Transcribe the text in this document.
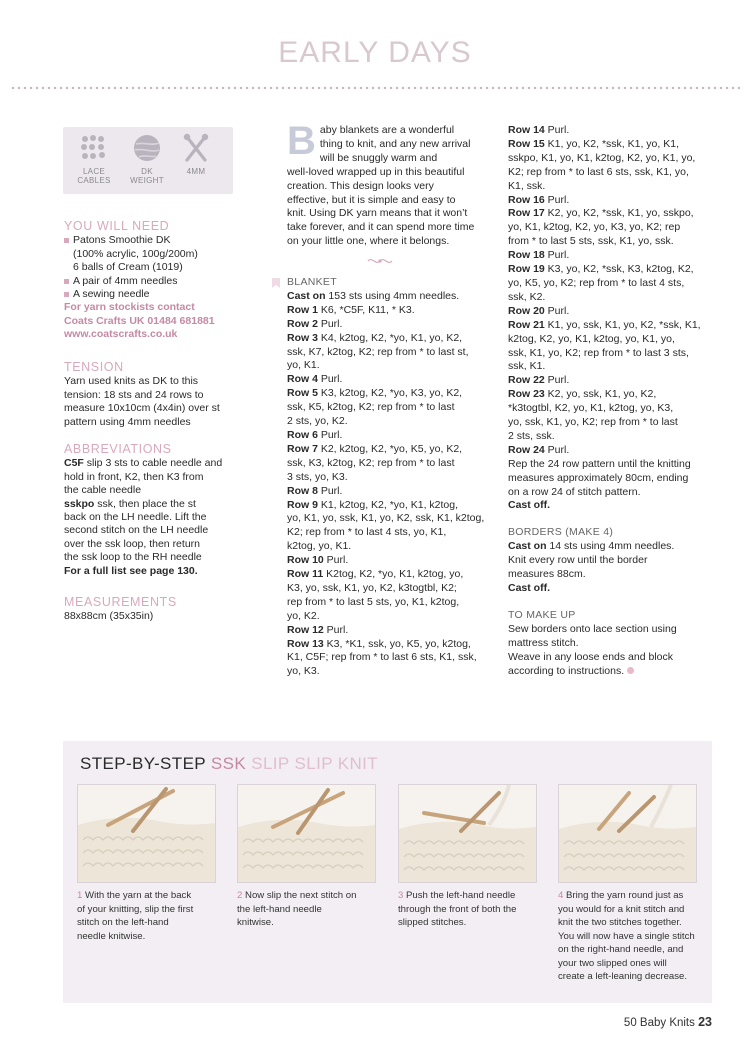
EARLY DAYS
LACE
CABLES
DK
WEIGHT
4MM
YOU WILL NEED
Patons Smoothie DK
(100% acrylic, 100g/200m)
6 balls of Cream (1019)
A pair of 4mm needles
A sewing needle
For yarn stockists contact
Coats Crafts UK 01484 681881
www.coatscrafts.co.uk
TENSION
Yarn used knits as DK to this
tension: 18 sts and 24 rows to
measure 10x10cm (4x4in) over st
pattern using 4mm needles
ABBREVIATIONS
C5F slip 3 sts to cable needle and
hold in front, K2, then K3 from
the cable needle
sskpo ssk, then place the st
back on the LH needle. Lift the
second stitch on the LH needle
over the ssk loop, then return
the ssk loop to the RH needle
For a full list see page 130.
MEASUREMENTS
88x88cm (35x35in)
B aby blankets are a wonderful
thing to knit, and any new arrival
will be snuggly warm and
well-loved wrapped up in this beautiful
creation. This design looks very
effective, but it is simple and easy to
knit. Using DK yarn means that it won’t
take forever, and it can spend more time
on your little one, where it belongs.
BLANKET
Cast on 153 sts using 4mm needles.
Row 1 K6, *C5F, K11, * K3.
Row 2 Purl.
Row 3 K4, k2tog, K2, *yo, K1, yo, K2,
ssk, K7, k2tog, K2; rep from * to last st,
yo, K1.
Row 4 Purl.
Row 5 K3, k2tog, K2, *yo, K3, yo, K2,
ssk, K5, k2tog, K2; rep from * to last
2 sts, yo, K2.
Row 6 Purl.
Row 7 K2, k2tog, K2, *yo, K5, yo, K2,
ssk, K3, k2tog, K2; rep from * to last
3 sts, yo, K3.
Row 8 Purl.
Row 9 K1, k2tog, K2, *yo, K1, k2tog,
yo, K1, yo, ssk, K1, yo, K2, ssk, K1, k2tog,
K2; rep from * to last 4 sts, yo, K1,
k2tog, yo, K1.
Row 10 Purl.
Row 11 K2tog, K2, *yo, K1, k2tog, yo,
K3, yo, ssk, K1, yo, K2, k3togtbl, K2;
rep from * to last 5 sts, yo, K1, k2tog,
yo, K2.
Row 12 Purl.
Row 13 K3, *K1, ssk, yo, K5, yo, k2tog,
K1, C5F; rep from * to last 6 sts, K1, ssk,
yo, K3.
Row 14 Purl.
Row 15 K1, yo, K2, *ssk, K1, yo, K1,
sskpo, K1, yo, K1, k2tog, K2, yo, K1, yo,
K2; rep from * to last 6 sts, ssk, K1, yo,
K1, ssk.
Row 16 Purl.
Row 17 K2, yo, K2, *ssk, K1, yo, sskpo,
yo, K1, k2tog, K2, yo, K3, yo, K2; rep
from * to last 5 sts, ssk, K1, yo, ssk.
Row 18 Purl.
Row 19 K3, yo, K2, *ssk, K3, k2tog, K2,
yo, K5, yo, K2; rep from * to last 4 sts,
ssk, K2.
Row 20 Purl.
Row 21 K1, yo, ssk, K1, yo, K2, *ssk, K1,
k2tog, K2, yo, K1, k2tog, yo, K1, yo,
ssk, K1, yo, K2; rep from * to last 3 sts,
ssk, K1.
Row 22 Purl.
Row 23 K2, yo, ssk, K1, yo, K2,
*k3togtbl, K2, yo, K1, k2tog, yo, K3,
yo, ssk, K1, yo, K2; rep from * to last
2 sts, ssk.
Row 24 Purl.
Rep the 24 row pattern until the knitting
measures approximately 80cm, ending
on a row 24 of stitch pattern.
Cast off.
BORDERS (MAKE 4)
Cast on 14 sts using 4mm needles.
Knit every row until the border
measures 88cm.
Cast off.
TO MAKE UP
Sew borders onto lace section using
mattress stitch.
Weave in any loose ends and block
according to instructions.
STEP-BY-STEP SSK SLIP SLIP KNIT
1 With the yarn at the back
of your knitting, slip the first
stitch on the left-hand
needle knitwise.
2 Now slip the next stitch on
the left-hand needle
knitwise.
3 Push the left-hand needle
through the front of both the
slipped stitches.
4 Bring the yarn round just as
you would for a knit stitch and
knit the two stitches together.
You will now have a single stitch
on the right-hand needle, and
your two slipped ones will
create a left-leaning decrease.
50 Baby Knits 23
